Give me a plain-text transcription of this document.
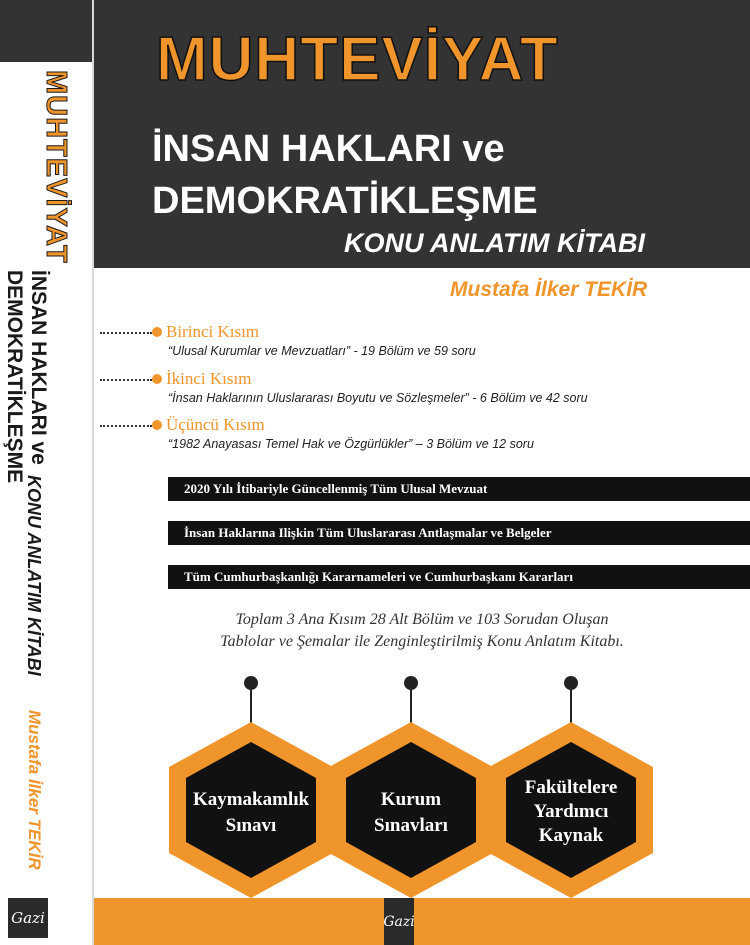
MUHTEVİYAT
İNSAN HAKLARI ve
DEMOKRATİKLEŞME
KONU ANLATIM KİTABI
Mustafa İlker TEKİR
Gazi
MUHTEVİYAT
İNSAN HAKLARI ve
DEMOKRATİKLEŞME
KONU ANLATIM KİTABI
Mustafa İlker TEKİR
Birinci Kısım
“Ulusal Kurumlar ve Mevzuatları” - 19 Bölüm ve 59 soru
İkinci Kısım
“İnsan Haklarının Uluslararası Boyutu ve Sözleşmeler” - 6 Bölüm ve 42 soru
Üçüncü Kısım
“1982 Anayasası Temel Hak ve Özgürlükler” – 3 Bölüm ve 12 soru
2020 Yılı İtibariyle Güncellenmiş Tüm Ulusal Mevzuat
İnsan Haklarına Ilişkin Tüm Uluslararası Antlaşmalar ve Belgeler
Tüm Cumhurbaşkanlığı Kararnameleri ve Cumhurbaşkanı Kararları
Toplam 3 Ana Kısım 28 Alt Bölüm ve 103 Sorudan Oluşan
Tablolar ve Şemalar ile Zenginleştirilmiş Konu Anlatım Kitabı.
Kaymakamlık
Sınavı
Kurum
Sınavları
Fakültelere
Yardımcı
Kaynak
Gazi
